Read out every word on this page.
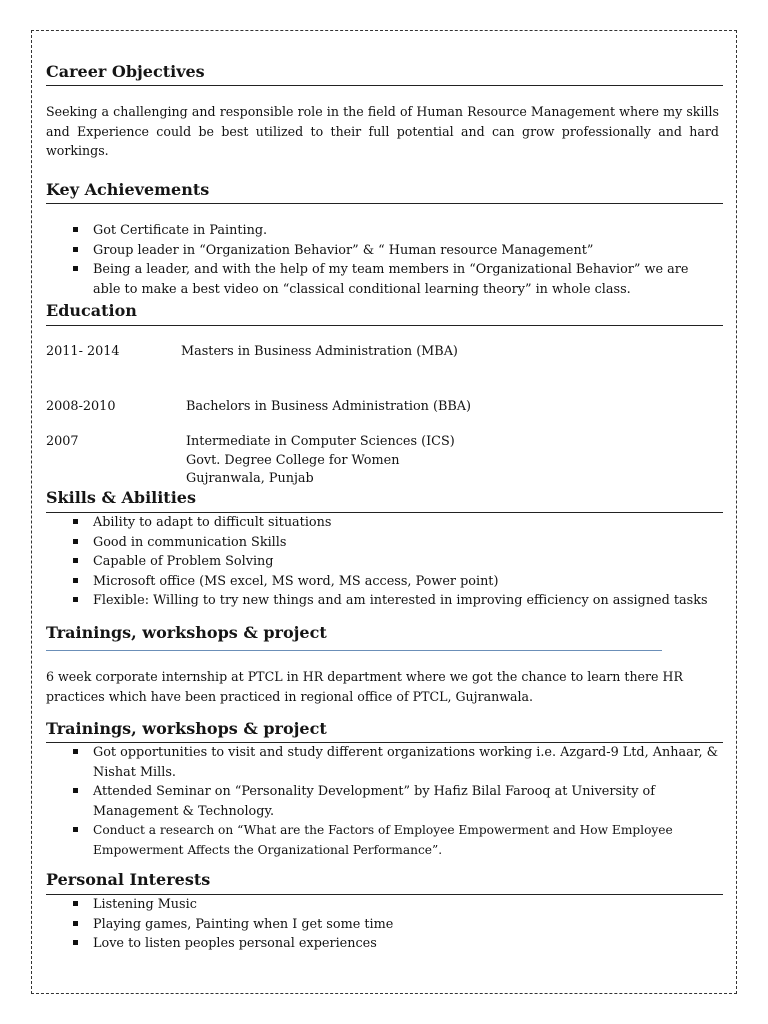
Career Objectives
Seeking a challenging and responsible role in the field of Human Resource Management where my skills and Experience could be best utilized to their full potential and can grow professionally and hard workings.
Key Achievements
Got Certificate in Painting.
Group leader in “Organization Behavior” & “ Human resource Management”
Being a leader, and with the help of my team members in “Organizational Behavior” we are able to make a best video on “classical conditional learning theory” in whole class.
Education
2011- 2014	Masters in Business Administration (MBA)
2008-2010	Bachelors in Business Administration (BBA)
2007	Intermediate in Computer Sciences (ICS)
Govt. Degree College for Women
Gujranwala, Punjab
Skills & Abilities
Ability to adapt to difficult situations
Good in communication Skills
Capable of Problem Solving
Microsoft office (MS excel, MS word, MS access, Power point)
Flexible: Willing to try new things and am interested in improving efficiency on assigned tasks
Trainings, workshops & project
6 week corporate internship at PTCL in HR department where we got the chance to learn there HR practices which have been practiced in regional office of PTCL, Gujranwala.
Trainings, workshops & project
Got opportunities to visit and study different organizations working i.e. Azgard-9 Ltd, Anhaar, & Nishat Mills.
Attended Seminar on “Personality Development” by Hafiz Bilal Farooq at University of Management & Technology.
Conduct a research on “What are the Factors of Employee Empowerment and How Employee Empowerment Affects the Organizational Performance”.
Personal Interests
Listening Music
Playing games, Painting when I get some time
Love to listen peoples personal experiences
